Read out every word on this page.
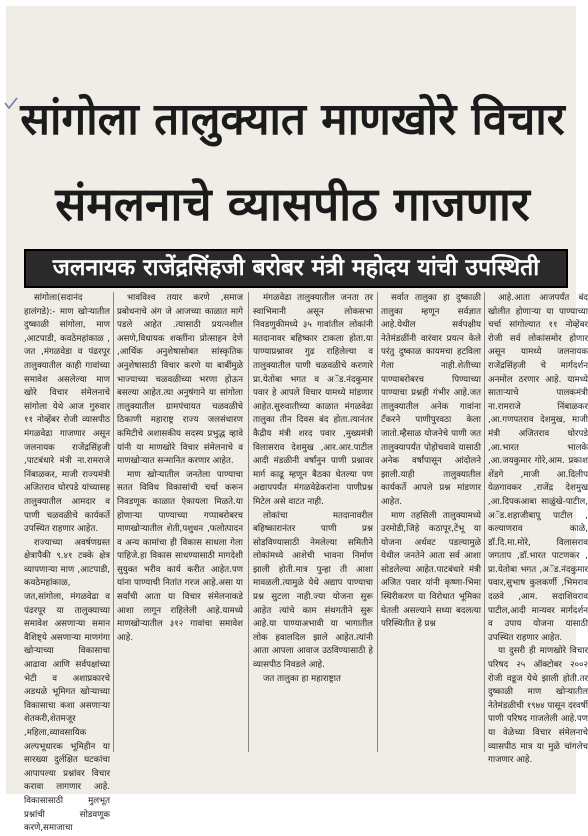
सांगोला तालुक्यात माणखोरे विचार
संमलनाचे व्यासपीठ गाजणार
जलनायक राजेंद्रसिंहजी बरोबर मंत्री महोदय यांची उपस्थिती

सांगोला(सदानंद हालंगडे):- माण खोऱ्यातील दुष्काळी सांगोला, माण ,आटपाडी, कवठेमहांकाळ , जत ,मंगळवेडा व पंढरपूर तालुक्यातील काही गावांच्या समावेश असलेल्या माण खोरे विचार संमेलनाचे सांगोला येथे आज गुरुवार ११ नोव्हेंबर रोजी व्यासपीठ मंगळवेढा गाजणार असून जलनायक राजेंद्रसिंहजी ,पाटबंधारे मंत्री ना.रामराजे निंबाळकर, माजी राज्यमंत्री अजितराव घोरपडे यांच्यासह तालुक्यातील आमदार व पाणी चळवळीचे कार्यकर्ते उपस्थित राहणार आहेत.

राज्याच्या अवर्षणग्रस्त क्षेत्रापैकी ९.४१ टक्के क्षेत्र व्यापणाऱ्या माण ,आटपाडी, कवठेमहांकाळ, जत,सांगोला, मंगळवेढा व पंढरपूर या तालुक्याच्या समावेश असणाऱ्या समान वैशिष्ट्ये असणाऱ्या माणगंगा खोऱ्याच्या विकासाचा आढावा आणि सर्वपक्षांच्या भेटी व अशाप्रकारचे अडथळे भूमिगत खोऱ्याच्या विकासाचा कशा असणाऱ्या शेतकरी,शेतमजूर ,महिला,व्यावसायिक अल्पभूधारक भूमिहीन या सारख्या दुर्लक्षित घटकांचा आपापल्या प्रश्नांवर विचार करावा लागणार आहे. विकासासाठी मुलभूत प्रश्नांची सोडवणूक करणे,समाजाचा

भावविश्व तयार करणे ,समाज प्रबोधनाचे अंग जे आजच्या काळात मागे पडले आहेत .त्यासाठी प्रयत्नशील असणे,विधायक शक्तींना प्रोत्साहन देणे ,आर्थिक अनुशेषासोबत सांस्कृतिक अनुशेषासाठी विचार करणे या बाबींमुळे भाज्याच्या चळवळीच्या भरणा होऊन बसल्या आहेत.त्या अनुषंगाने या सांगोला तालुक्यातील ग्रामपंचायत चळवळीचे ठिकाणी महाराष्ट्र राज्य जलसंधारण कमिटीचे अशासकीय सदस्य प्रभुद्ध व्हावे यांनी या माणखोरे विचार संमेलनाचे व माणखोऱ्यात सन्मानित करणार आहेत.

माण खोऱ्यातील जनतेला पाण्याचा सतत विविध विकासांची चर्चा करून निवडणूक काळात ऐकायला मिळते.या होणाऱ्या पाण्याच्या गप्पाबरोबरच माणखोऱ्यातील शेती,पशुधन ,फलोत्पादन व अन्य कामांचा ही विकास साधला गेला पाहिजे.हा विकास साधण्यासाठी मागदेशी सुयुक्त भरीव कार्य करीत आहेत.पण यांना पाण्याची नितांत गरज आहे.असा या सर्वांची आता या विचार संमेलनाकडे आशा लागून राहिलेली आहे.यामध्ये माणखोऱ्यातील ३१२ गावांचा समावेश आहे.

मंगळवेढा तालुक्यातील जनता तर स्वाभिमानी असून लोकसभा निवडणुकीमध्ये ३५ गावांतील लोकांनी मतदानावर बहिष्कार टाकला होता.या पाण्याप्रश्नावर गुढ राहिलेल्या व तालुक्यातील पाणी चळवळीचे करणारे प्रा.येतोबा भगत व अॅड.नंदकुमार पवार हे आपले विचार यामध्ये मांडणार आहेत.सुरुवातीच्या काळात मंगळवेढा तालुका तीन दिवस बंद होता.त्यानंतर कैद्रीय मंत्री शरद पवार ,मुख्यमंत्री विलासराव देशमुख ,आर.आर.पाटील आदी मंडळीनी वर्षांनुन पाणी प्रश्नावर मार्ग काढू म्हणून बैठका घेतल्या पण अद्यापपर्यंत मंगळवेढेकरांना पाणीप्रश्न मिटेल असे वाटत नाही.

लोकांचा मतदानावरील बहिष्कारानंतर पाणी प्रश्न सोडविण्यासाठी नेमलेल्या समितीने लोकांमध्ये आशेची भावना निर्माण झाली होती.मात्र पुन्हा ती आशा मावळली.त्यामुळे येथे अद्याप पाण्याचा प्रश्न सुटला नाही.ज्या योजना सुरू आहेत त्यांचे काम संथगतीने सुरू आहे.या पाण्याअभावी या भागातील लोक हवालदिल झाले आहेत.त्यांनी आता आपला आवाज उठविण्यासाठी हे व्यासपीठ निवडले आहे.

जत तालुका हा महाराष्ट्रात

सर्वात तालुका हा दुष्काळी तालुका म्हणून सर्वज्ञात आहे.येथील सर्वपक्षीय नेतेमंडळींनी वारंवार प्रयत्न केले परंतु दुष्काळ कायमचा हटविला गेला नाही.शेतीच्या पाण्याबरोबरच पिण्याच्या पाण्याचा प्रश्नही गंभीर आहे.जत तालुक्यातील अनेक गावांना टँकरने पाणीपुरवठा केला जातो.म्हैसाळ योजनेचे पाणी जत तालुक्यापर्यंत पोहोचवावे यासाठी अनेक वर्षांपासून आंदोलने झाली.याही तालुक्यातील कार्यकर्ते आपले प्रश्न मांडणार आहेत.

माण तहसिली तालुक्यामध्ये उरमोडी,जिहे कठापूर,टेंभू या योजना अर्धवट पडल्यामुळे येथील जनतेने आता सर्व आशा सोडलेल्या आहेत.पाटबंधारे मंत्री अजित पवार यांनी कृष्णा-भिमा स्थिरीकरण या विरोधात भूमिका घेतली असल्याने सध्या बदलत्या परिस्थितीत हे प्रश्न

आहे.आता आजपर्यंत बंद खोलीत होणाऱ्या या पाण्याच्या चर्चा सांगोल्यात ११ नोव्हेंबर रोजी सर्व लोकांसमोर होणार असून यामध्ये जलनायक राजेंद्रसिंहजी चे मार्गदर्शन अनमोल ठरणार आहे. यामध्ये साताऱ्याचे पालकमंत्री ना.रामराजे निंबाळकर ,आ.गणपतराव देशमुख, माजी मंत्री अजितराव घोरपडे ,आ.भारत भालके ,आ.जयकुमार गोरे,आम. प्रकाश शेंडगे ,माजी आ.दिलीप येळगावकर ,राजेंद्र देशमुख ,आ.दिपकआबा साळुंखे-पाटील, अॅड.शहाजीबापू पाटील , कल्याणराव काळे, डॉ.दि.मा.मोरे, विलासराव जगताप ,डॉ.भारत पाटणकर , प्रा.येतोबा भगत ,अॅड.नंदकुमार पवार,सुभाष कुलकर्णी ,भिमराव दळवे ,आम. सदाशिवराव पाटील,आदी मान्यवर मार्गदर्शन व उपाय योजना यासाठी उपस्थित राहणार आहेत.

या दुसरी ही माणखोरे विचार परिषद २५ ऑक्टोबर २००२ रोजी वडूज येथे झाली होती.तर दुष्काळी माण खोऱ्यातील नेतेमंडळीची १९७४ पासून दरवर्षी पाणी परिषद गाजलेली आहे.पण या वेळेच्या विचार संमेलनाचे व्यासपीठ मात्र या मुळे चांगलेच गाजणार आहे.
